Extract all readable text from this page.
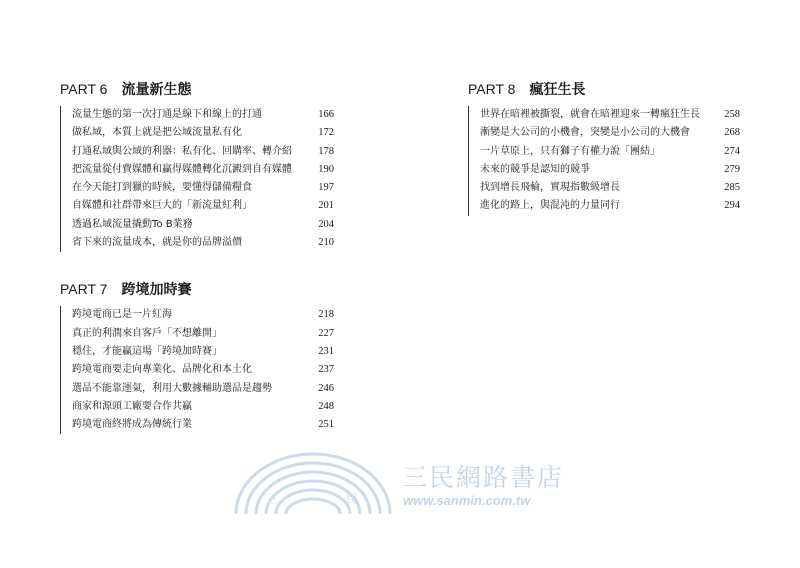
PART 6 流量新生態
流量生態的第一次打通是線下和線上的打通	166
做私域，本質上就是把公域流量私有化	172
打通私域與公域的利器：私有化、回購率、轉介紹	178
把流量從付費媒體和贏得媒體轉化沉澱到自有媒體	190
在今天能打到獵的時候，要懂得儲備糧食	197
自媒體和社群帶來巨大的「新流量紅利」	201
透過私域流量撬動To B業務	204
省下來的流量成本，就是你的品牌溢價	210
PART 7 跨境加時賽
跨境電商已是一片紅海	218
真正的利潤來自客戶「不想離開」	227
穩住，才能贏這場「跨境加時賽」	231
跨境電商要走向專業化、品牌化和本土化	237
選品不能靠運氣，利用大數據輔助選品是趨勢	246
商家和源頭工廠要合作共贏	248
跨境電商終將成為傳統行業	251
PART 8 瘋狂生長
世界在暗裡被撕裂，就會在暗裡迎來一轉瘋狂生長 258
漸變是大公司的小機會，突變是小公司的大機會	268
一片草原上，只有獅子有權力說「團結」	274
未來的競爭是認知的競爭	279
找到增長飛輪，實現指數級增長	285
進化的路上，與混沌的力量同行	294
三	民
三民網路書店
www.sanmin.com.tw
